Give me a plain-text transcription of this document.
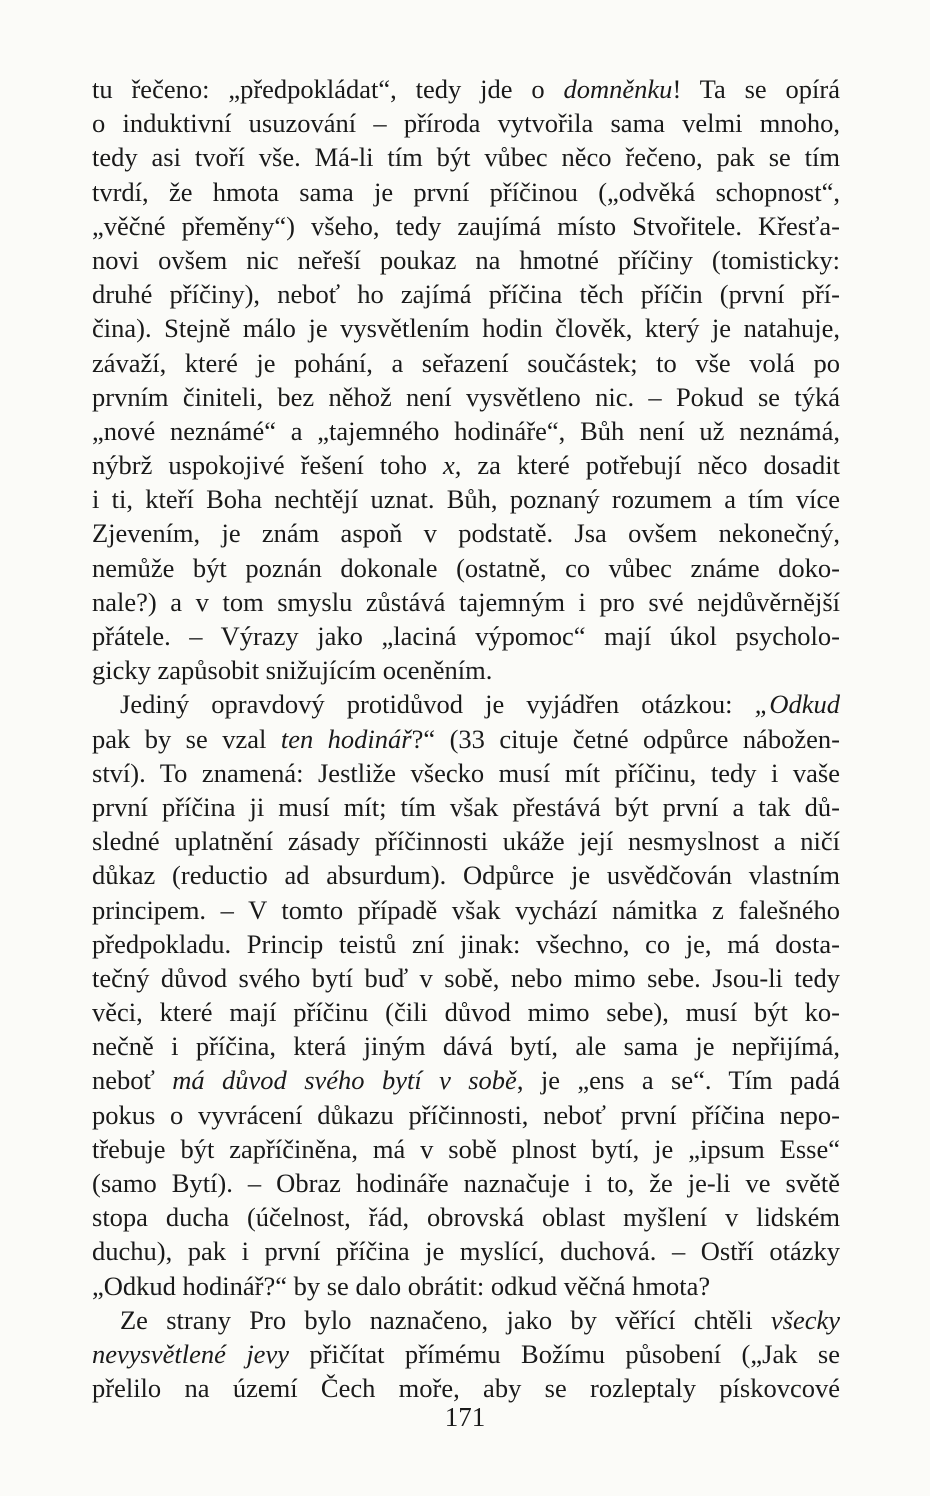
tu řečeno: „předpokládat“, tedy jde o domněnku! Ta se opírá
o induktivní usuzování – příroda vytvořila sama velmi mnoho,
tedy asi tvoří vše. Má-li tím být vůbec něco řečeno, pak se tím
tvrdí, že hmota sama je první příčinou („odvěká schopnost“,
„věčné přeměny“) všeho, tedy zaujímá místo Stvořitele. Křesťa-
novi ovšem nic neřeší poukaz na hmotné příčiny (tomisticky:
druhé příčiny), neboť ho zajímá příčina těch příčin (první pří-
čina). Stejně málo je vysvětlením hodin člověk, který je natahuje,
závaží, které je pohání, a seřazení součástek; to vše volá po
prvním činiteli, bez něhož není vysvětleno nic. – Pokud se týká
„nové neznámé“ a „tajemného hodináře“, Bůh není už neznámá,
nýbrž uspokojivé řešení toho x, za které potřebují něco dosadit
i ti, kteří Boha nechtějí uznat. Bůh, poznaný rozumem a tím více
Zjevením, je znám aspoň v podstatě. Jsa ovšem nekonečný,
nemůže být poznán dokonale (ostatně, co vůbec známe doko-
nale?) a v tom smyslu zůstává tajemným i pro své nejdůvěrnější
přátele. – Výrazy jako „laciná výpomoc“ mají úkol psycholo-
gicky zapůsobit snižujícím oceněním.
Jediný opravdový protidůvod je vyjádřen otázkou: „Odkud
pak by se vzal ten hodinář?“ (33 cituje četné odpůrce nábožen-
ství). To znamená: Jestliže všecko musí mít příčinu, tedy i vaše
první příčina ji musí mít; tím však přestává být první a tak dů-
sledné uplatnění zásady příčinnosti ukáže její nesmyslnost a ničí
důkaz (reductio ad absurdum). Odpůrce je usvědčován vlastním
principem. – V tomto případě však vychází námitka z falešného
předpokladu. Princip teistů zní jinak: všechno, co je, má dosta-
tečný důvod svého bytí buď v sobě, nebo mimo sebe. Jsou-li tedy
věci, které mají příčinu (čili důvod mimo sebe), musí být ko-
nečně i příčina, která jiným dává bytí, ale sama je nepřijímá,
neboť má důvod svého bytí v sobě, je „ens a se“. Tím padá
pokus o vyvrácení důkazu příčinnosti, neboť první příčina nepo-
třebuje být zapříčiněna, má v sobě plnost bytí, je „ipsum Esse“
(samo Bytí). – Obraz hodináře naznačuje i to, že je-li ve světě
stopa ducha (účelnost, řád, obrovská oblast myšlení v lidském
duchu), pak i první příčina je myslící, duchová. – Ostří otázky
„Odkud hodinář?“ by se dalo obrátit: odkud věčná hmota?
Ze strany Pro bylo naznačeno, jako by věřící chtěli všecky
nevysvětlené jevy přičítat přímému Božímu působení („Jak se
přelilo na území Čech moře, aby se rozleptaly pískovcové
171
